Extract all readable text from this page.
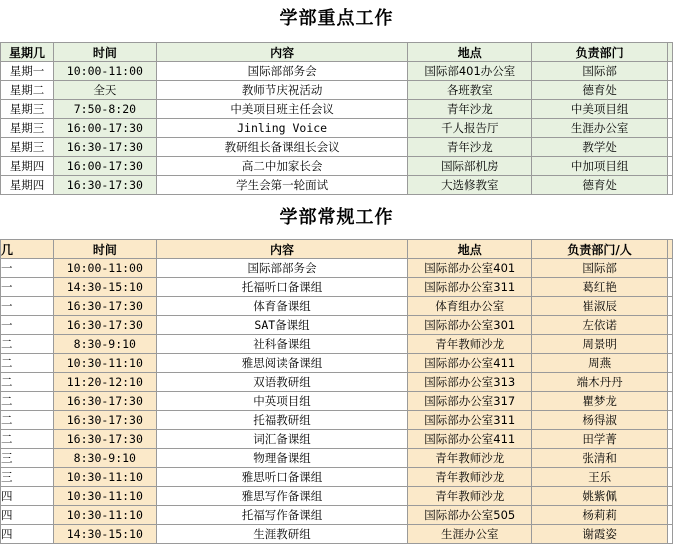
学部重点工作
星期几	时间	内容	地点	负责部门	
星期一	10:00-11:00	国际部部务会	国际部401办公室	国际部	
星期二	全天	教师节庆祝活动	各班教室	德育处	
星期三	7:50-8:20	中美项目班主任会议	青年沙龙	中美项目组	
星期三	16:00-17:30	Jinling Voice	千人报告厅	生涯办公室	
星期三	16:30-17:30	教研组长备课组长会议	青年沙龙	教学处	
星期四	16:00-17:30	高二中加家长会	国际部机房	中加项目组	
星期四	16:30-17:30	学生会第一轮面试	大选修教室	德育处	
学部常规工作
几	时间	内容	地点	负责部门/人	
一	10:00-11:00	国际部部务会	国际部办公室401	国际部	
一	14:30-15:10	托福听口备课组	国际部办公室311	葛红艳	
一	16:30-17:30	体育备课组	体育组办公室	崔淑辰	
一	16:30-17:30	SAT备课组	国际部办公室301	左依诺	
二	8:30-9:10	社科备课组	青年教师沙龙	周景明	
二	10:30-11:10	雅思阅读备课组	国际部办公室411	周燕	
二	11:20-12:10	双语教研组	国际部办公室313	端木丹丹	
二	16:30-17:30	中英项目组	国际部办公室317	瞿梦龙	
二	16:30-17:30	托福教研组	国际部办公室311	杨得淑	
二	16:30-17:30	词汇备课组	国际部办公室411	田学菁	
三	8:30-9:10	物理备课组	青年教师沙龙	张清和	
三	10:30-11:10	雅思听口备课组	青年教师沙龙	王乐	
四	10:30-11:10	雅思写作备课组	青年教师沙龙	姚紫佩	
四	10:30-11:10	托福写作备课组	国际部办公室505	杨莉莉	
四	14:30-15:10	生涯教研组	生涯办公室	谢霞姿	
